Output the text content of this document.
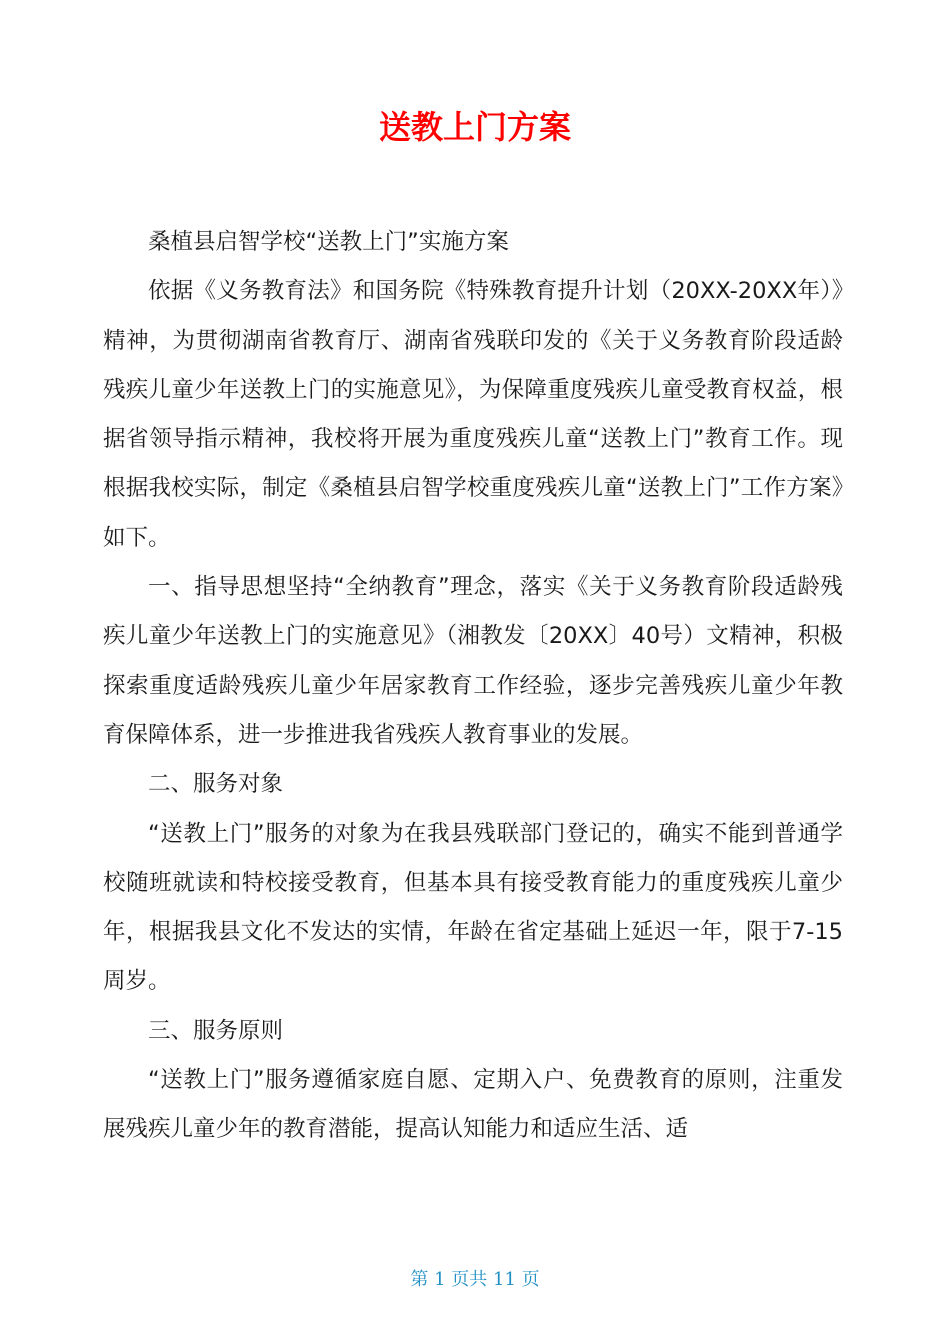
送教上门方案

桑植县启智学校“送教上门”实施方案

依据《义务教育法》和国务院《特殊教育提升计划（20XX-20XX年）》精神，为贯彻湖南省教育厅、湖南省残联印发的《关于义务教育阶段适龄残疾儿童少年送教上门的实施意见》，为保障重度残疾儿童受教育权益，根据省领导指示精神，我校将开展为重度残疾儿童“送教上门”教育工作。现根据我校实际，制定《桑植县启智学校重度残疾儿童“送教上门”工作方案》如下。

一、指导思想坚持“全纳教育”理念，落实《关于义务教育阶段适龄残疾儿童少年送教上门的实施意见》（湘教发〔20XX〕40号）文精神，积极探索重度适龄残疾儿童少年居家教育工作经验，逐步完善残疾儿童少年教育保障体系，进一步推进我省残疾人教育事业的发展。

二、服务对象

“送教上门”服务的对象为在我县残联部门登记的，确实不能到普通学校随班就读和特校接受教育，但基本具有接受教育能力的重度残疾儿童少年，根据我县文化不发达的实情，年龄在省定基础上延迟一年，限于7-15周岁。

三、服务原则

“送教上门”服务遵循家庭自愿、定期入户、免费教育的原则，注重发展残疾儿童少年的教育潜能，提高认知能力和适应生活、适

第 1 页共 11 页
